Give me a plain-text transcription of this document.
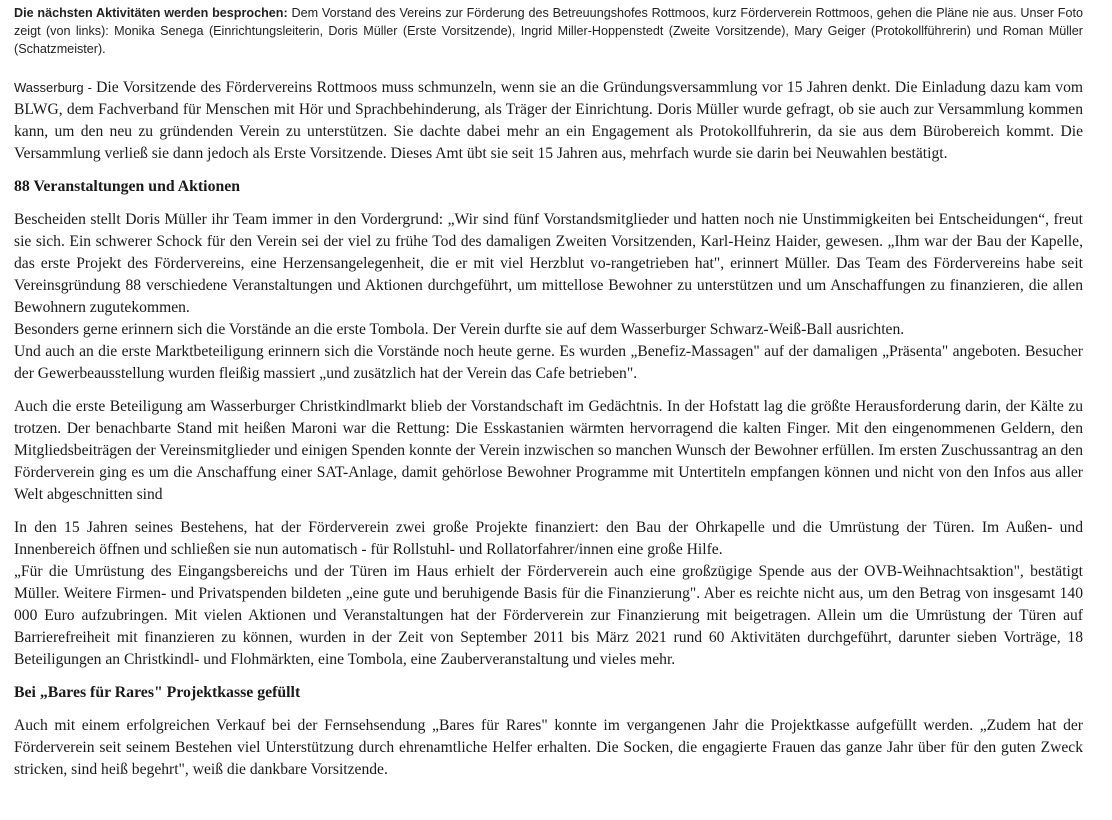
Die nächsten Aktivitäten werden besprochen: Dem Vorstand des Vereins zur Förderung des Betreuungshofes Rottmoos, kurz Förderverein Rottmoos, gehen die Pläne nie aus. Unser Foto zeigt (von links): Monika Senega (Einrichtungsleiterin, Doris Müller (Erste Vorsitzende), Ingrid Miller-Hoppenstedt (Zweite Vorsitzende), Mary Geiger (Protokollführerin) und Roman Müller (Schatzmeister).

Wasserburg - Die Vorsitzende des Fördervereins Rottmoos muss schmunzeln, wenn sie an die Gründungsversammlung vor 15 Jahren denkt. Die Einladung dazu kam vom BLWG, dem Fachverband für Menschen mit Hör und Sprachbehinderung, als Träger der Einrichtung. Doris Müller wurde gefragt, ob sie auch zur Versammlung kommen kann, um den neu zu gründenden Verein zu unterstützen. Sie dachte dabei mehr an ein Engagement als Protokollfuhrerin, da sie aus dem Bürobereich kommt. Die Versammlung verließ sie dann jedoch als Erste Vorsitzende. Dieses Amt übt sie seit 15 Jahren aus, mehrfach wurde sie darin bei Neuwahlen bestätigt.

88 Veranstaltungen und Aktionen

Bescheiden stellt Doris Müller ihr Team immer in den Vordergrund: „Wir sind fünf Vorstandsmitglieder und hatten noch nie Unstimmigkeiten bei Entscheidungen“, freut sie sich. Ein schwerer Schock für den Verein sei der viel zu frühe Tod des damaligen Zweiten Vorsitzenden, Karl-Heinz Haider, gewesen. „Ihm war der Bau der Kapelle, das erste Projekt des Fördervereins, eine Herzensangelegenheit, die er mit viel Herzblut vo-rangetrieben hat", erinnert Müller. Das Team des Fördervereins habe seit Vereinsgründung 88 verschiedene Veranstaltungen und Aktionen durchgeführt, um mittellose Bewohner zu unterstützen und um Anschaffungen zu finanzieren, die allen Bewohnern zugutekommen.

Besonders gerne erinnern sich die Vorstände an die erste Tombola. Der Verein durfte sie auf dem Wasserburger Schwarz-Weiß-Ball ausrichten.

Und auch an die erste Marktbeteiligung erinnern sich die Vorstände noch heute gerne. Es wurden „Benefiz-Massagen" auf der damaligen „Präsenta" angeboten. Besucher der Gewerbeausstellung wurden fleißig massiert „und zusätzlich hat der Verein das Cafe betrieben".

Auch die erste Beteiligung am Wasserburger Christkindlmarkt blieb der Vorstandschaft im Gedächtnis. In der Hofstatt lag die größte Herausforderung darin, der Kälte zu trotzen. Der benachbarte Stand mit heißen Maroni war die Rettung: Die Esskastanien wärmten hervorragend die kalten Finger. Mit den eingenommenen Geldern, den Mitgliedsbeiträgen der Vereinsmitglieder und einigen Spenden konnte der Verein inzwischen so manchen Wunsch der Bewohner erfüllen. Im ersten Zuschussantrag an den Förderverein ging es um die Anschaffung einer SAT-Anlage, damit gehörlose Bewohner Programme mit Untertiteln empfangen können und nicht von den Infos aus aller Welt abgeschnitten sind

In den 15 Jahren seines Bestehens, hat der Förderverein zwei große Projekte finanziert: den Bau der Ohrkapelle und die Umrüstung der Türen. Im Außen- und Innenbereich öffnen und schließen sie nun automatisch - für Rollstuhl- und Rollatorfahrer/innen eine große Hilfe.

„Für die Umrüstung des Eingangsbereichs und der Türen im Haus erhielt der Förderverein auch eine großzügige Spende aus der OVB-Weihnachtsaktion", bestätigt Müller. Weitere Firmen- und Privatspenden bildeten „eine gute und beruhigende Basis für die Finanzierung". Aber es reichte nicht aus, um den Betrag von insgesamt 140 000 Euro aufzubringen. Mit vielen Aktionen und Veranstaltungen hat der Förderverein zur Finanzierung mit beigetragen. Allein um die Umrüstung der Türen auf Barrierefreiheit mit finanzieren zu können, wurden in der Zeit von September 2011 bis März 2021 rund 60 Aktivitäten durchgeführt, darunter sieben Vorträge, 18 Beteiligungen an Christkindl- und Flohmärkten, eine Tombola, eine Zauberveranstaltung und vieles mehr.

Bei „Bares für Rares" Projektkasse gefüllt

Auch mit einem erfolgreichen Verkauf bei der Fernsehsendung „Bares für Rares" konnte im vergangenen Jahr die Projektkasse aufgefüllt werden. „Zudem hat der Förderverein seit seinem Bestehen viel Unterstützung durch ehrenamtliche Helfer erhalten. Die Socken, die engagierte Frauen das ganze Jahr über für den guten Zweck stricken, sind heiß begehrt", weiß die dankbare Vorsitzende.
